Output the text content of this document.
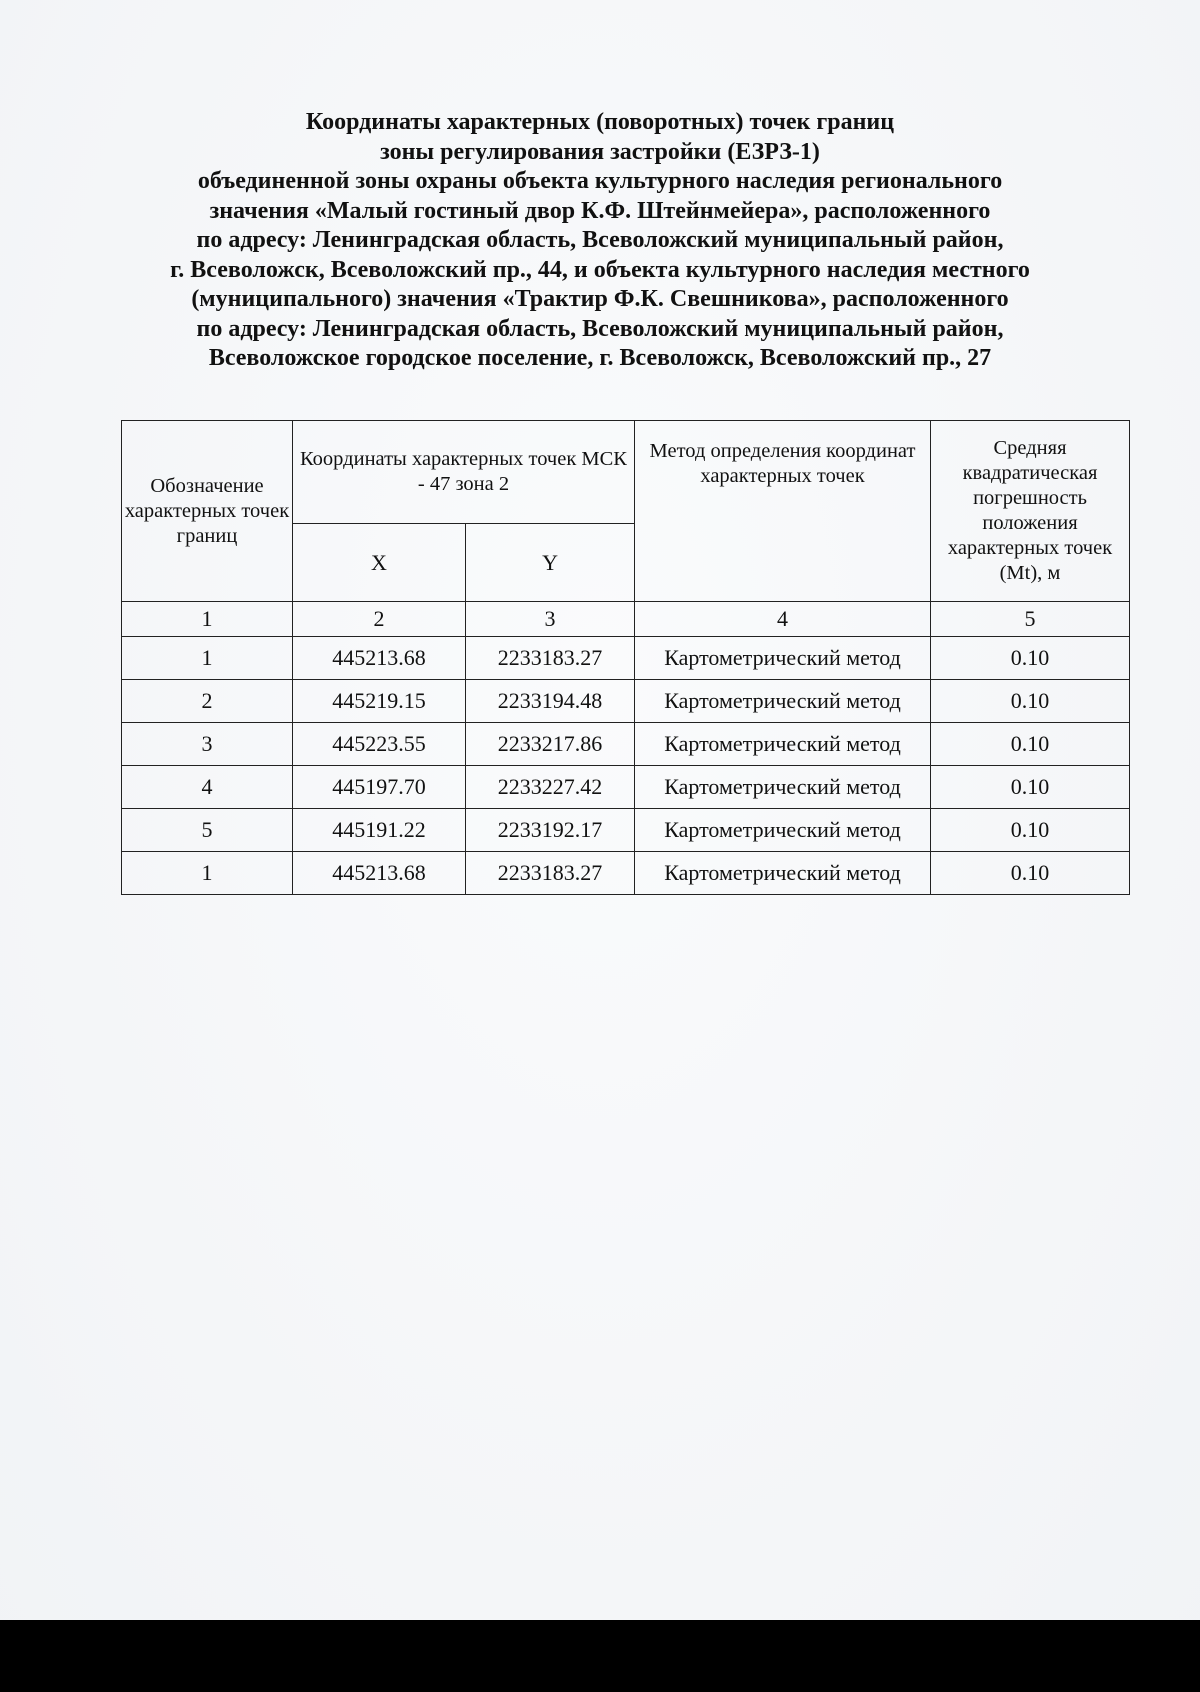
Координаты характерных (поворотных) точек границ
зоны регулирования застройки (ЕЗРЗ-1)
объединенной зоны охраны объекта культурного наследия регионального
значения «Малый гостиный двор К.Ф. Штейнмейера», расположенного
по адресу: Ленинградская область, Всеволожский муниципальный район,
г. Всеволожск, Всеволожский пр., 44, и объекта культурного наследия местного
(муниципального) значения «Трактир Ф.К. Свешникова», расположенного
по адресу: Ленинградская область, Всеволожский муниципальный район,
Всеволожское городское поселение, г. Всеволожск, Всеволожский пр., 27
Обозначение характерных точек границ	Координаты характерных точек МСК - 47 зона 2		Метод определения координат характерных точек	Средняя квадратическая погрешность положения характерных точек (Mt), м
	X	Y		
1	2	3	4	5
1	445213.68	2233183.27	Картометрический метод	0.10
2	445219.15	2233194.48	Картометрический метод	0.10
3	445223.55	2233217.86	Картометрический метод	0.10
4	445197.70	2233227.42	Картометрический метод	0.10
5	445191.22	2233192.17	Картометрический метод	0.10
1	445213.68	2233183.27	Картометрический метод	0.10
